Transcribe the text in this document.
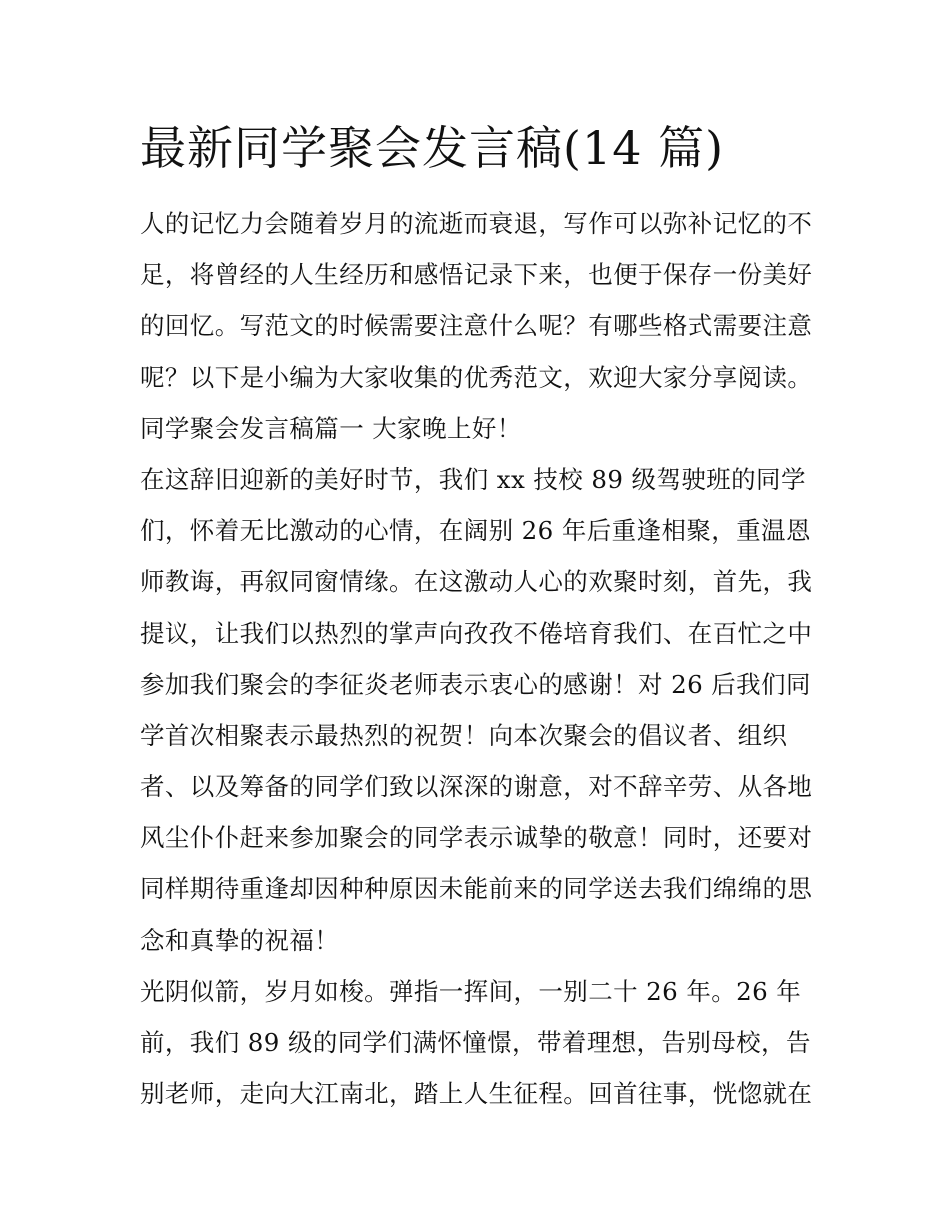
最新同学聚会发言稿(14 篇)
人的记忆力会随着岁月的流逝而衰退，写作可以弥补记忆的不
足，将曾经的人生经历和感悟记录下来，也便于保存一份美好
的回忆。写范文的时候需要注意什么呢？有哪些格式需要注意
呢？以下是小编为大家收集的优秀范文，欢迎大家分享阅读。
同学聚会发言稿篇一 大家晚上好！
在这辞旧迎新的美好时节，我们 xx 技校 89 级驾驶班的同学
们，怀着无比激动的心情，在阔别 26 年后重逢相聚，重温恩
师教诲，再叙同窗情缘。在这激动人心的欢聚时刻，首先，我
提议，让我们以热烈的掌声向孜孜不倦培育我们、在百忙之中
参加我们聚会的李征炎老师表示衷心的感谢！对 26 后我们同
学首次相聚表示最热烈的祝贺！向本次聚会的倡议者、组织
者、以及筹备的同学们致以深深的谢意，对不辞辛劳、从各地
风尘仆仆赶来参加聚会的同学表示诚挚的敬意！同时，还要对
同样期待重逢却因种种原因未能前来的同学送去我们绵绵的思
念和真挚的祝福！
光阴似箭，岁月如梭。弹指一挥间，一别二十 26 年。26 年
前，我们 89 级的同学们满怀憧憬，带着理想，告别母校，告
别老师，走向大江南北，踏上人生征程。回首往事，恍惚就在
